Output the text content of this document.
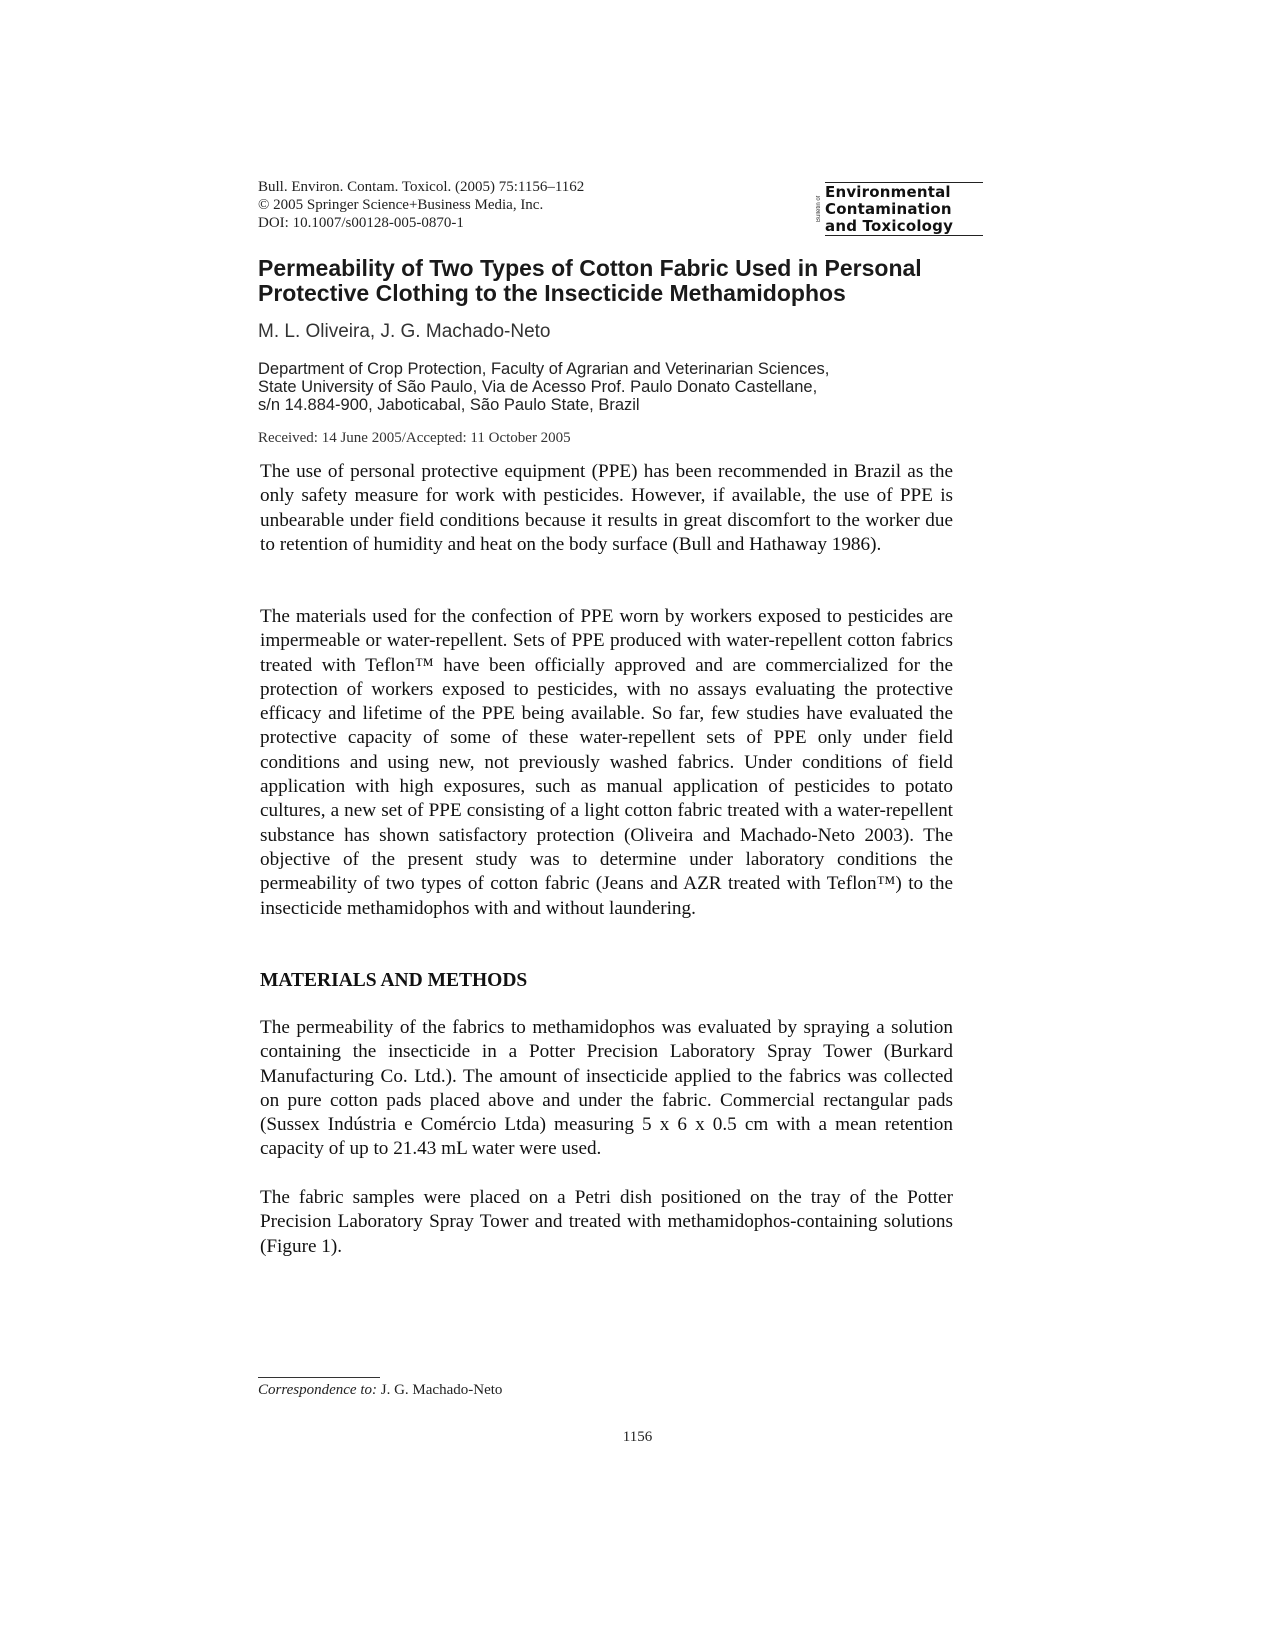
Bull. Environ. Contam. Toxicol. (2005) 75:1156–1162
© 2005 Springer Science+Business Media, Inc.
DOI: 10.1007/s00128-005-0870-1
Bulletin of
Environmental
Contamination
and Toxicology
Permeability of Two Types of Cotton Fabric Used in Personal
Protective Clothing to the Insecticide Methamidophos
M. L. Oliveira, J. G. Machado-Neto
Department of Crop Protection, Faculty of Agrarian and Veterinarian Sciences,
State University of São Paulo, Via de Acesso Prof. Paulo Donato Castellane,
s/n 14.884-900, Jaboticabal, São Paulo State, Brazil
Received: 14 June 2005/Accepted: 11 October 2005

The use of personal protective equipment (PPE) has been recommended in Brazil as the only safety measure for work with pesticides. However, if available, the use of PPE is unbearable under field conditions because it results in great discomfort to the worker due to retention of humidity and heat on the body surface (Bull and Hathaway 1986).

The materials used for the confection of PPE worn by workers exposed to pesticides are impermeable or water-repellent. Sets of PPE produced with water-repellent cotton fabrics treated with Teflon™ have been officially approved and are commercialized for the protection of workers exposed to pesticides, with no assays evaluating the protective efficacy and lifetime of the PPE being available. So far, few studies have evaluated the protective capacity of some of these water-repellent sets of PPE only under field conditions and using new, not previously washed fabrics. Under conditions of field application with high exposures, such as manual application of pesticides to potato cultures, a new set of PPE consisting of a light cotton fabric treated with a water-repellent substance has shown satisfactory protection (Oliveira and Machado-Neto 2003). The objective of the present study was to determine under laboratory conditions the permeability of two types of cotton fabric (Jeans and AZR treated with Teflon™) to the insecticide methamidophos with and without laundering.

MATERIALS AND METHODS

The permeability of the fabrics to methamidophos was evaluated by spraying a solution containing the insecticide in a Potter Precision Laboratory Spray Tower (Burkard Manufacturing Co. Ltd.). The amount of insecticide applied to the fabrics was collected on pure cotton pads placed above and under the fabric. Commercial rectangular pads (Sussex Indústria e Comércio Ltda) measuring 5 x 6 x 0.5 cm with a mean retention capacity of up to 21.43 mL water were used.

The fabric samples were placed on a Petri dish positioned on the tray of the Potter Precision Laboratory Spray Tower and treated with methamidophos-containing solutions (Figure 1).

Correspondence to: J. G. Machado-Neto
1156
